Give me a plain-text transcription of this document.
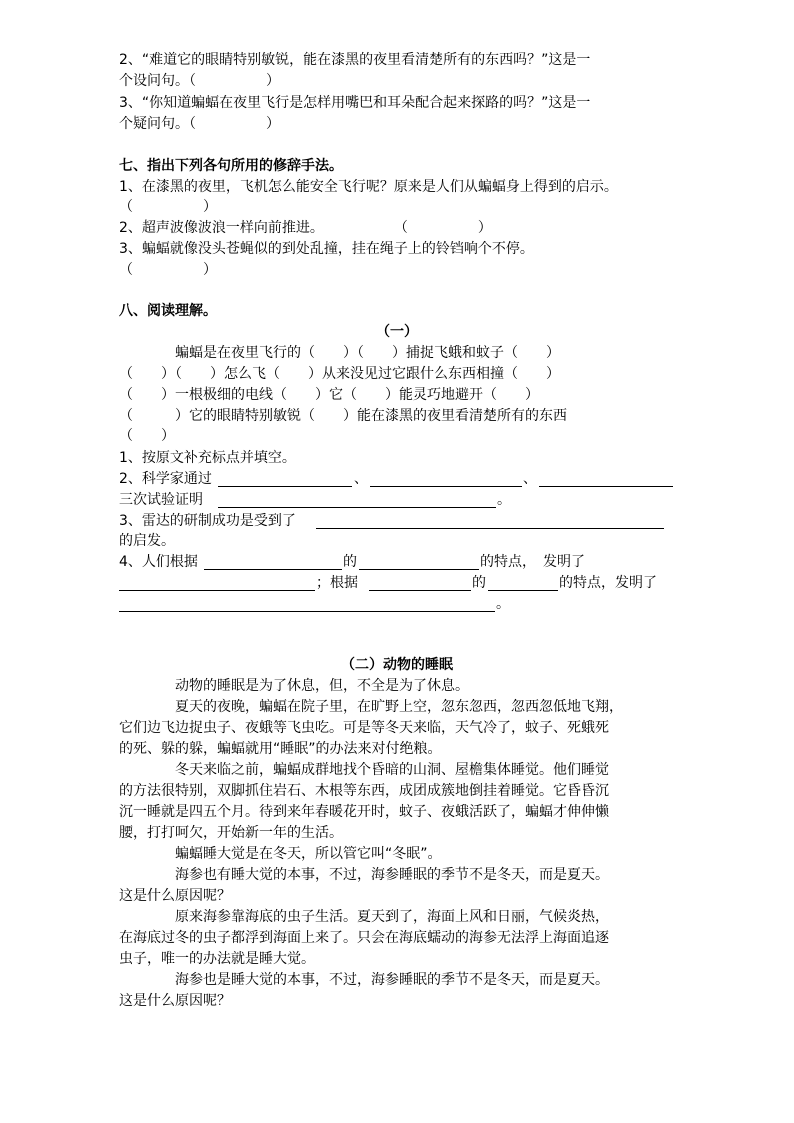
2、“难道它的眼睛特别敏锐，能在漆黑的夜里看清楚所有的东西吗？”这是一
个设问句。（　　　　　）
3、“你知道蝙蝠在夜里飞行是怎样用嘴巴和耳朵配合起来探路的吗？”这是一
个疑问句。（　　　　　）
七、指出下列各句所用的修辞手法。
1、在漆黑的夜里，飞机怎么能安全飞行呢？原来是人们从蝙蝠身上得到的启示。
（　　　　　）
2、超声波像波浪一样向前推进。　　　　　　（　　　　　）
3、蝙蝠就像没头苍蝇似的到处乱撞，挂在绳子上的铃铛响个不停。
（　　　　　）
八、阅读理解。
（一）
蝙蝠是在夜里飞行的（　　）（　　）捕捉飞蛾和蚊子（　　）
（　　）（　　）怎么飞（　　）从来没见过它跟什么东西相撞（　　）
（　　）一根极细的电线（　　）它（　　）能灵巧地避开（　　）
（　　　）它的眼睛特别敏锐（　　）能在漆黑的夜里看清楚所有的东西
（　　）
1、按原文补充标点并填空。
2、科学家通过	、	、
三次试验证明	。
3、雷达的研制成功是受到了
的启发。
4、人们根据	的	的特点，　发明了
；根据	的	的特点，发明了
。
（二）动物的睡眠
动物的睡眠是为了休息，但，不全是为了休息。
夏天的夜晚，蝙蝠在院子里，在旷野上空，忽东忽西，忽西忽低地飞翔，
它们边飞边捉虫子、夜蛾等飞虫吃。可是等冬天来临，天气冷了，蚊子、死蛾死
的死、躲的躲，蝙蝠就用“睡眠”的办法来对付绝粮。
冬天来临之前，蝙蝠成群地找个昏暗的山洞、屋檐集体睡觉。他们睡觉
的方法很特别，双脚抓住岩石、木根等东西，成团成簇地倒挂着睡觉。它昏昏沉
沉一睡就是四五个月。待到来年春暖花开时，蚊子、夜蛾活跃了，蝙蝠才伸伸懒
腰，打打呵欠，开始新一年的生活。
蝙蝠睡大觉是在冬天，所以管它叫“冬眠”。
海参也有睡大觉的本事，不过，海参睡眠的季节不是冬天，而是夏天。
这是什么原因呢？
原来海参靠海底的虫子生活。夏天到了，海面上风和日丽，气候炎热，
在海底过冬的虫子都浮到海面上来了。只会在海底蠕动的海参无法浮上海面追逐
虫子，唯一的办法就是睡大觉。
海参也是睡大觉的本事，不过，海参睡眠的季节不是冬天，而是夏天。
这是什么原因呢？
